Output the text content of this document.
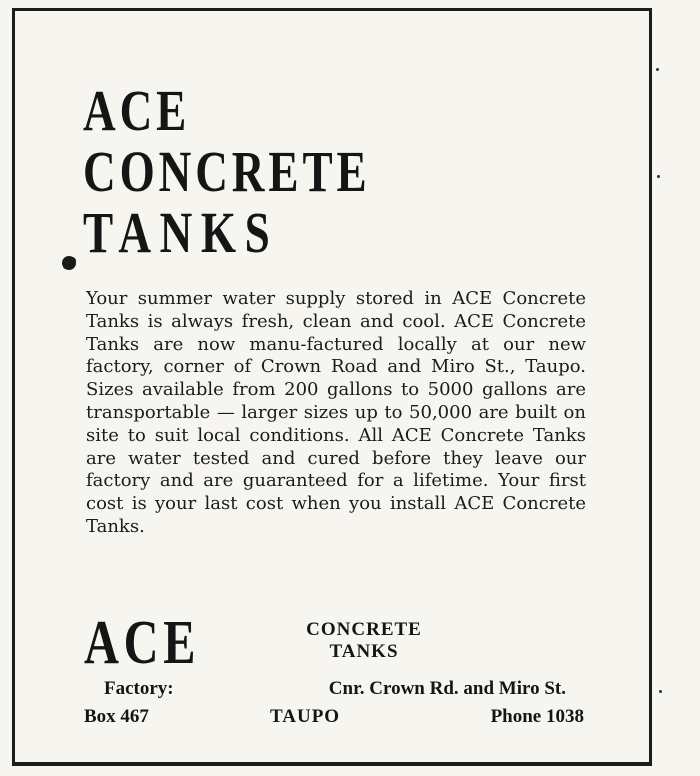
ACE
CONCRETE
TANKS

Your summer water supply stored in ACE Concrete Tanks is always fresh, clean and cool. ACE Concrete Tanks are now manu-factured locally at our new factory, corner of Crown Road and Miro St., Taupo. Sizes available from 200 gallons to 5000 gallons are transportable — larger sizes up to 50,000 are built on site to suit local conditions. All ACE Concrete Tanks are water tested and cured before they leave our factory and are guaranteed for a lifetime. Your first cost is your last cost when you install ACE Concrete Tanks.

ACE	CONCRETE
TANKS
Factory:	Cnr. Crown Rd. and Miro St.
Box 467	TAUPO	Phone 1038
